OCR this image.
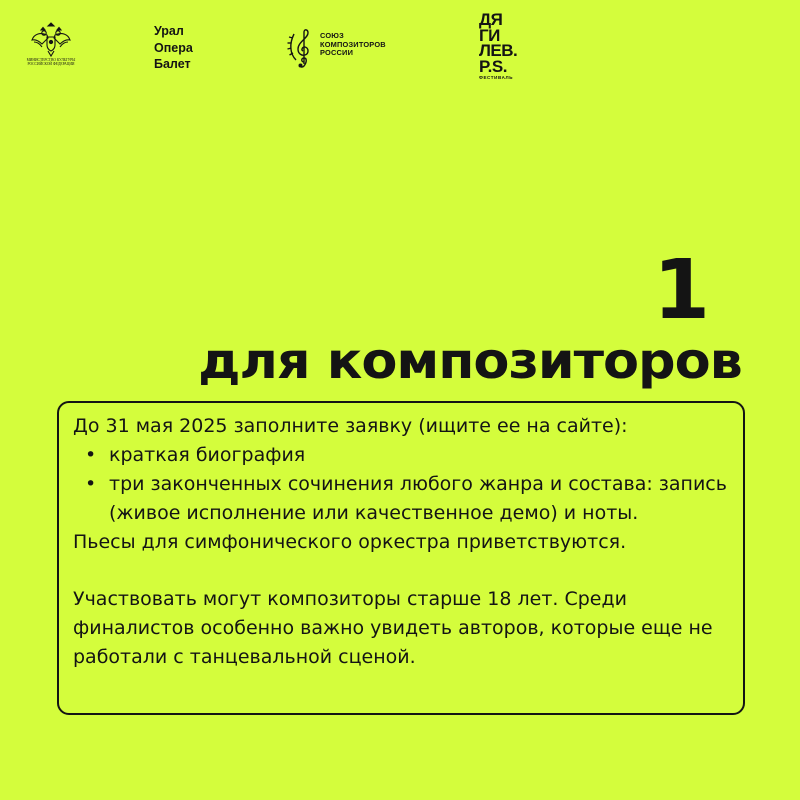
МИНИСТЕРСТВО КУЛЬТУРЫ
РОССИЙСКОЙ ФЕДЕРАЦИИ
Урал
Опера
Балет
СОЮЗ
КОМПОЗИТОРОВ
РОССИИ
ДЯ
ГИ
ЛЕВ.
P.S.
ФЕСТИВАЛЬ
1
для композиторов

До 31 мая 2025 заполните заявку (ищите ее на сайте):

• краткая биография
• три законченных сочинения любого жанра и состава: запись (живое исполнение или качественное демо) и ноты.

Пьесы для симфонического оркестра приветствуются.

Участвовать могут композиторы старше 18 лет. Среди финалистов особенно важно увидеть авторов, которые еще не работали с танцевальной сценой.
